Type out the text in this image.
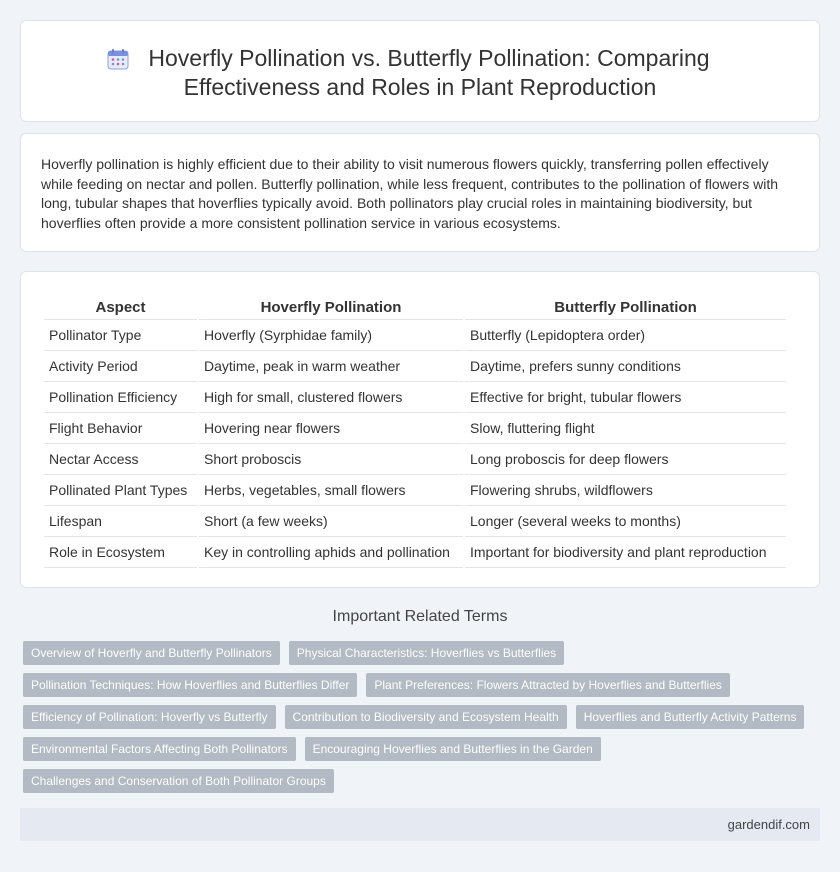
Hoverfly Pollination vs. Butterfly Pollination: Comparing
Effectiveness and Roles in Plant Reproduction
Hoverfly pollination is highly efficient due to their ability to visit numerous flowers quickly, transferring pollen effectively while feeding on nectar and pollen. Butterfly pollination, while less frequent, contributes to the pollination of flowers with long, tubular shapes that hoverflies typically avoid. Both pollinators play crucial roles in maintaining biodiversity, but hoverflies often provide a more consistent pollination service in various ecosystems.
Aspect	Hoverfly Pollination	Butterfly Pollination
Pollinator Type	Hoverfly (Syrphidae family)	Butterfly (Lepidoptera order)
Activity Period	Daytime, peak in warm weather	Daytime, prefers sunny conditions
Pollination Efficiency	High for small, clustered flowers	Effective for bright, tubular flowers
Flight Behavior	Hovering near flowers	Slow, fluttering flight
Nectar Access	Short proboscis	Long proboscis for deep flowers
Pollinated Plant Types	Herbs, vegetables, small flowers	Flowering shrubs, wildflowers
Lifespan	Short (a few weeks)	Longer (several weeks to months)
Role in Ecosystem	Key in controlling aphids and pollination	Important for biodiversity and plant reproduction
Important Related Terms
Overview of Hoverfly and Butterfly Pollinators	Physical Characteristics: Hoverflies vs Butterflies
Pollination Techniques: How Hoverflies and Butterflies Differ	Plant Preferences: Flowers Attracted by Hoverflies and Butterflies
Efficiency of Pollination: Hoverfly vs Butterfly	Contribution to Biodiversity and Ecosystem Health	Hoverflies and Butterfly Activity Patterns
Environmental Factors Affecting Both Pollinators	Encouraging Hoverflies and Butterflies in the Garden
Challenges and Conservation of Both Pollinator Groups
gardendif.com
